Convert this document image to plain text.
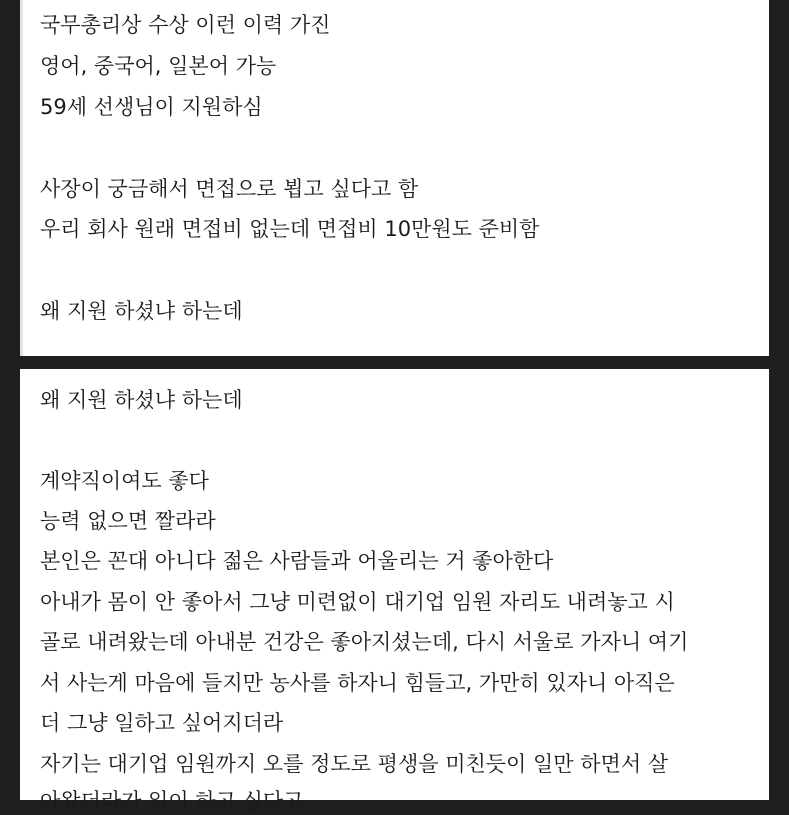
국무총리상 수상 이런 이력 가진
영어, 중국어, 일본어 가능
59세 선생님이 지원하심
사장이 궁금해서 면접으로 뵙고 싶다고 함
우리 회사 원래 면접비 없는데 면접비 10만원도 준비함
왜 지원 하셨냐 하는데
왜 지원 하셨냐 하는데
계약직이여도 좋다
능력 없으면 짤라라
본인은 꼰대 아니다 젊은 사람들과 어울리는 거 좋아한다
아내가 몸이 안 좋아서 그냥 미련없이 대기업 임원 자리도 내려놓고 시
골로 내려왔는데 아내분 건강은 좋아지셨는데, 다시 서울로 가자니 여기
서 사는게 마음에 들지만 농사를 하자니 힘들고, 가만히 있자니 아직은
더 그냥 일하고 싶어지더라
자기는 대기업 임원까지 오를 정도로 평생을 미친듯이 일만 하면서 살
아왔더라가 일이 하고 싶다고
